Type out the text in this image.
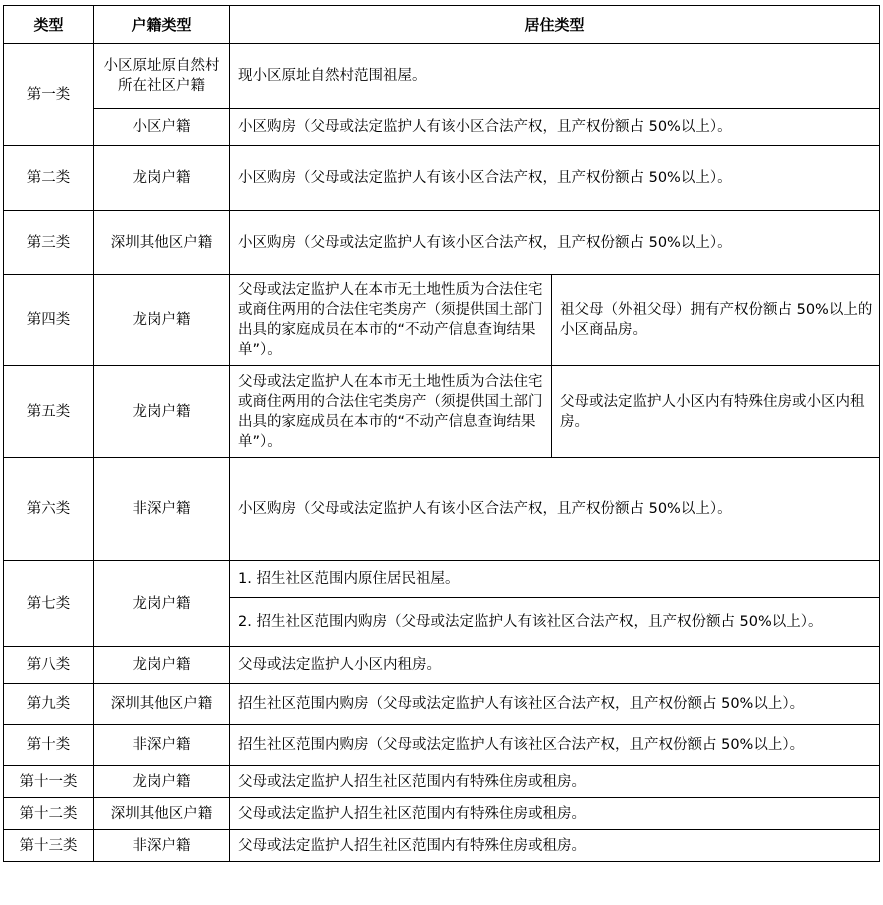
类型	户籍类型	居住类型	
第一类	小区原址原自然村所在社区户籍	现小区原址自然村范围祖屋。	
	小区户籍	小区购房（父母或法定监护人有该小区合法产权，且产权份额占 50%以上）。	
第二类	龙岗户籍	小区购房（父母或法定监护人有该小区合法产权，且产权份额占 50%以上）。	
第三类	深圳其他区户籍	小区购房（父母或法定监护人有该小区合法产权，且产权份额占 50%以上）。	
第四类	龙岗户籍	父母或法定监护人在本市无土地性质为合法住宅或商住两用的合法住宅类房产（须提供国土部门出具的家庭成员在本市的“不动产信息查询结果单”）。	祖父母（外祖父母）拥有产权份额占 50%以上的小区商品房。
第五类	龙岗户籍	父母或法定监护人在本市无土地性质为合法住宅或商住两用的合法住宅类房产（须提供国土部门出具的家庭成员在本市的“不动产信息查询结果单”）。	父母或法定监护人小区内有特殊住房或小区内租房。
第六类	非深户籍	小区购房（父母或法定监护人有该小区合法产权，且产权份额占 50%以上）。	
第七类	龙岗户籍	1. 招生社区范围内原住居民祖屋。	
		2. 招生社区范围内购房（父母或法定监护人有该社区合法产权，且产权份额占 50%以上）。	
第八类	龙岗户籍	父母或法定监护人小区内租房。	
第九类	深圳其他区户籍	招生社区范围内购房（父母或法定监护人有该社区合法产权，且产权份额占 50%以上）。	
第十类	非深户籍	招生社区范围内购房（父母或法定监护人有该社区合法产权，且产权份额占 50%以上）。	
第十一类	龙岗户籍	父母或法定监护人招生社区范围内有特殊住房或租房。	
第十二类	深圳其他区户籍	父母或法定监护人招生社区范围内有特殊住房或租房。	
第十三类	非深户籍	父母或法定监护人招生社区范围内有特殊住房或租房。	
